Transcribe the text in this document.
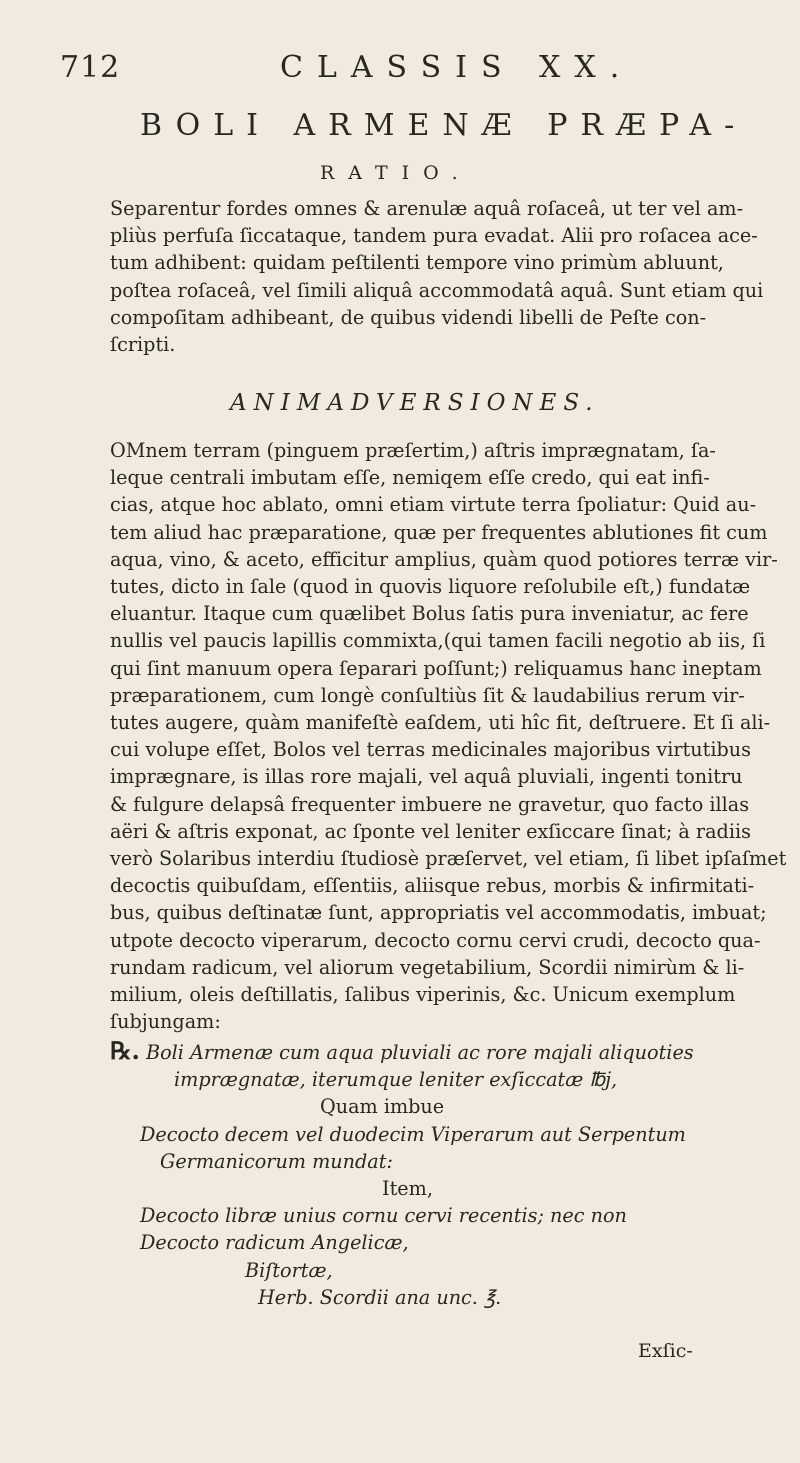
712	CLASSIS XX.
BOLI ARMENÆ PRÆPA-
RATIO.
Separentur fordes omnes & arenulæ aquâ roſaceâ, ut ter vel am-
pliùs perfuſa ſiccataque, tandem pura evadat. Alii pro roſacea ace-
tum adhibent: quidam peſtilenti tempore vino primùm abluunt,
poſtea roſaceâ, vel ſimili aliquâ accommodatâ aquâ. Sunt etiam qui
compoſitam adhibeant, de quibus videndi libelli de Peſte con-
ſcripti.
ANIMADVERSIONES.
OMnem terram (pinguem præſertim,) aſtris imprægnatam, ſa-
leque centrali imbutam eſſe, nemiqem eſſe credo, qui eat infi-
cias, atque hoc ablato, omni etiam virtute terra ſpoliatur: Quid au-
tem aliud hac præparatione, quæ per frequentes ablutiones fit cum
aqua, vino, & aceto, efficitur amplius, quàm quod potiores terræ vir-
tutes, dicto in ſale (quod in quovis liquore reſolubile eſt,) fundatæ
eluantur. Itaque cum quælibet Bolus ſatis pura inveniatur, ac fere
nullis vel paucis lapillis commixta,(qui tamen facili negotio ab iis, ſi
qui ſint manuum opera ſeparari poſſunt;) reliquamus hanc ineptam
præparationem, cum longè conſultiùs ſit & laudabilius rerum vir-
tutes augere, quàm manifeſtè eaſdem, uti hîc fit, deſtruere. Et ſi ali-
cui volupe eſſet, Bolos vel terras medicinales majoribus virtutibus
imprægnare, is illas rore majali, vel aquâ pluviali, ingenti tonitru
& fulgure delapsâ frequenter imbuere ne gravetur, quo facto illas
aëri & aſtris exponat, ac ſponte vel leniter exſiccare ſinat; à radiis
verò Solaribus interdiu ſtudiosè præſervet, vel etiam, ſi libet ipſaſmet
decoctis quibuſdam, eſſentiis, aliisque rebus, morbis & infirmitati-
bus, quibus deſtinatæ ſunt, appropriatis vel accommodatis, imbuat;
utpote decocto viperarum, decocto cornu cervi crudi, decocto qua-
rundam radicum, vel aliorum vegetabilium, Scordii nimirùm & li-
milium, oleis deſtillatis, ſalibus viperinis, &c. Unicum exemplum
ſubjungam:
℞. Boli Armenæ cum aqua pluviali ac rore majali aliquoties
imprægnatæ, iterumque leniter exſiccatæ ℔j,
Quam imbue
Decocto decem vel duodecim Viperarum aut Serpentum
Germanicorum mundat:
Item,
Decocto libræ unius cornu cervi recentis; nec non
Decocto radicum Angelicæ,
Biſtortæ,
Herb. Scordii ana unc. ℥.
Exſic-
